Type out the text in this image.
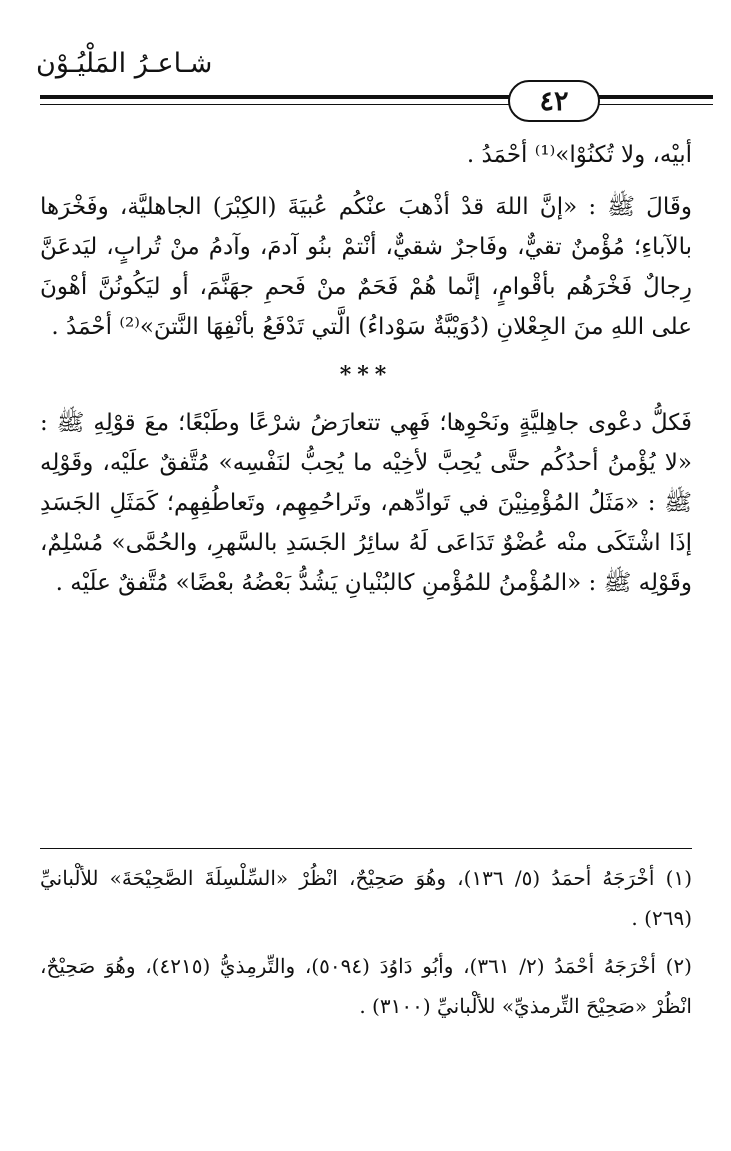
شـاعـرُ المَلْيُـوْن
٤٢

أبيْه، ولا تُكنُوْا»⁽¹⁾ أحْمَدُ .

وقَالَ ﷺ : «إنَّ اللهَ قدْ أذْهبَ عنْكُم عُبيَةَ (الكِبْرَ) الجاهليَّة، وفَخْرَها بالآباءِ؛ مُؤْمنٌ تقيٌّ، وفَاجرٌ شقيٌّ، أنْتمْ بنُو آدمَ، وآدمُ منْ تُرابٍ، ليَدعَنَّ رِجالٌ فَخْرَهُم بأقْوامٍ، إنَّما هُمْ فَحَمٌ منْ فَحمِ جهَنَّمَ، أو ليَكُونُنَّ أهْونَ على اللهِ منَ الجِعْلانِ (دُوَيْبَّةٌ سَوْداءُ) الَّتي تَدْفَعُ بأنْفِهَا النَّتنَ»⁽²⁾ أحْمَدُ .

***

فَكلُّ دعْوى جاهِليَّةٍ ونَحْوِها؛ فَهِي تتعارَضُ شرْعًا وطَبْعًا؛ معَ قوْلِهِ ﷺ : «لا يُؤْمنُ أحدُكُم حتَّى يُحِبَّ لأخِيْه ما يُحِبُّ لنَفْسِه» مُتَّفقٌ علَيْه، وقَوْلِه ﷺ : «مَثَلُ المُؤْمِنِيْنَ في تَوادِّهم، وتَراحُمِهِم، وتَعاطُفِهِم؛ كَمَثَلِ الجَسَدِ إذَا اشْتَكَى منْه عُضْوٌ تَدَاعَى لَهُ سائِرُ الجَسَدِ بالسَّهرِ، والحُمَّى» مُسْلِمٌ، وقَوْلِه ﷺ : «المُؤْمنُ للمُؤْمنِ كالبُنْيانِ يَشُدُّ بَعْضُهُ بعْضًا» مُتَّفقٌ علَيْه .

(١) أخْرَجَهُ أحمَدُ (٥/ ١٣٦)، وهُوَ صَحِيْحٌ، انْظُرْ «السِّلْسِلَةَ الصَّحِيْحَةَ» للألْبانيِّ (٢٦٩) .

(٢) أخْرَجَهُ أحْمَدُ (٢/ ٣٦١)، وأبُو دَاوُدَ (٥٠٩٤)، والتِّرمِذيُّ (٤٢١٥)، وهُوَ صَحِيْحٌ، انْظُرْ «صَحِيْحَ التِّرمذيِّ» للألْبانيِّ (٣١٠٠) .
